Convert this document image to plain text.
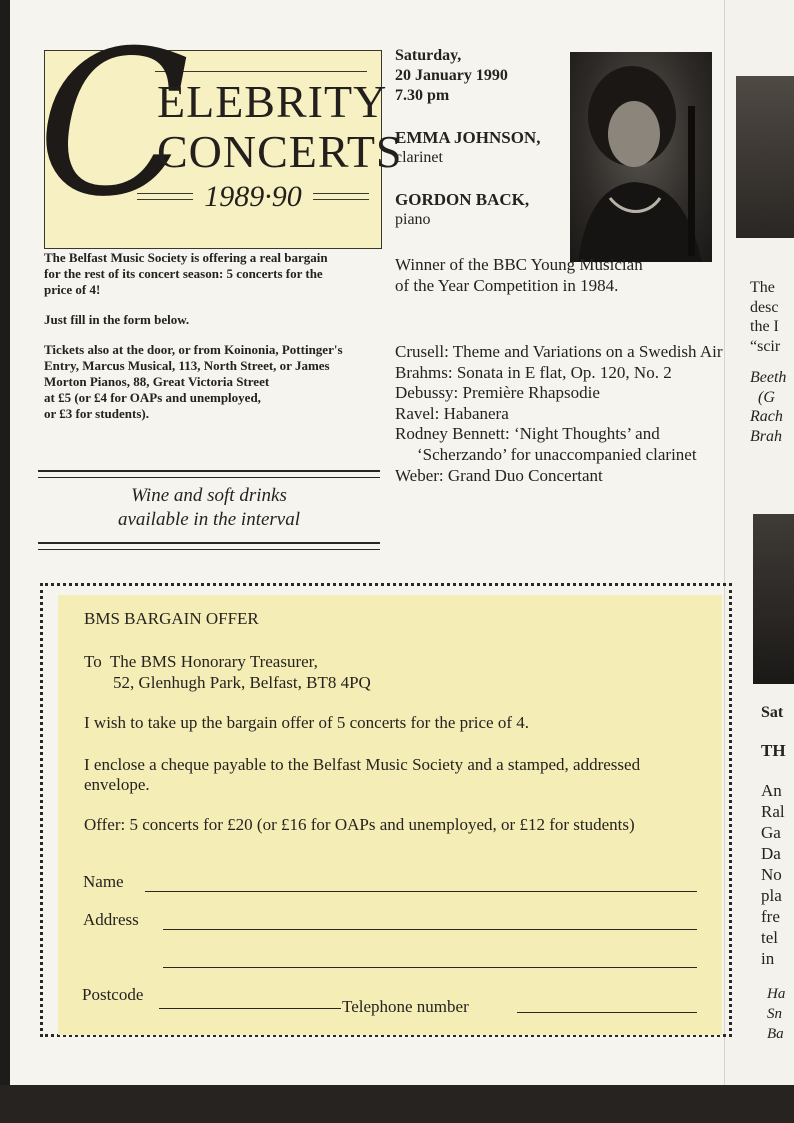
C
ELEBRITY
CONCERTS
1989·90

The Belfast Music Society is offering a real bargain for the rest of its concert season: 5 concerts for the price of 4!

Just fill in the form below.

Tickets also at the door, or from Koinonia, Pottinger's Entry, Marcus Musical, 113, North Street, or James Morton Pianos, 88, Great Victoria Street

at £5 (or £4 for OAPs and unemployed,
or £3 for students).
Wine and soft drinks
available in the interval

Saturday,

20 January 1990

7.30 pm

EMMA JOHNSON,

clarinet

GORDON BACK,

piano

Winner of the BBC Young Musician of the Year Competition in 1984.

Crusell: Theme and Variations on a Swedish Air
Brahms: Sonata in E flat, Op. 120, No. 2
Debussy: Première Rhapsodie
Ravel: Habanera
Rodney Bennett: ‘Night Thoughts’ and ‘Scherzando’ for unaccompanied clarinet
Weber: Grand Duo Concertant
The
desc
the I
“scir
Beeth
(G
Rach
Brah
Sat
TH
An
Ral
Ga
Da
No
pla
fre
tel
in
Ha
Sn
Ba

BMS BARGAIN OFFER

To  The BMS Honorary Treasurer,
52, Glenhugh Park, Belfast, BT8 4PQ

I wish to take up the bargain offer of 5 concerts for the price of 4.

I enclose a cheque payable to the Belfast Music Society and a stamped, addressed envelope.

Offer: 5 concerts for £20 (or £16 for OAPs and unemployed, or £12 for students)

Name
Address
Postcode
Telephone number
